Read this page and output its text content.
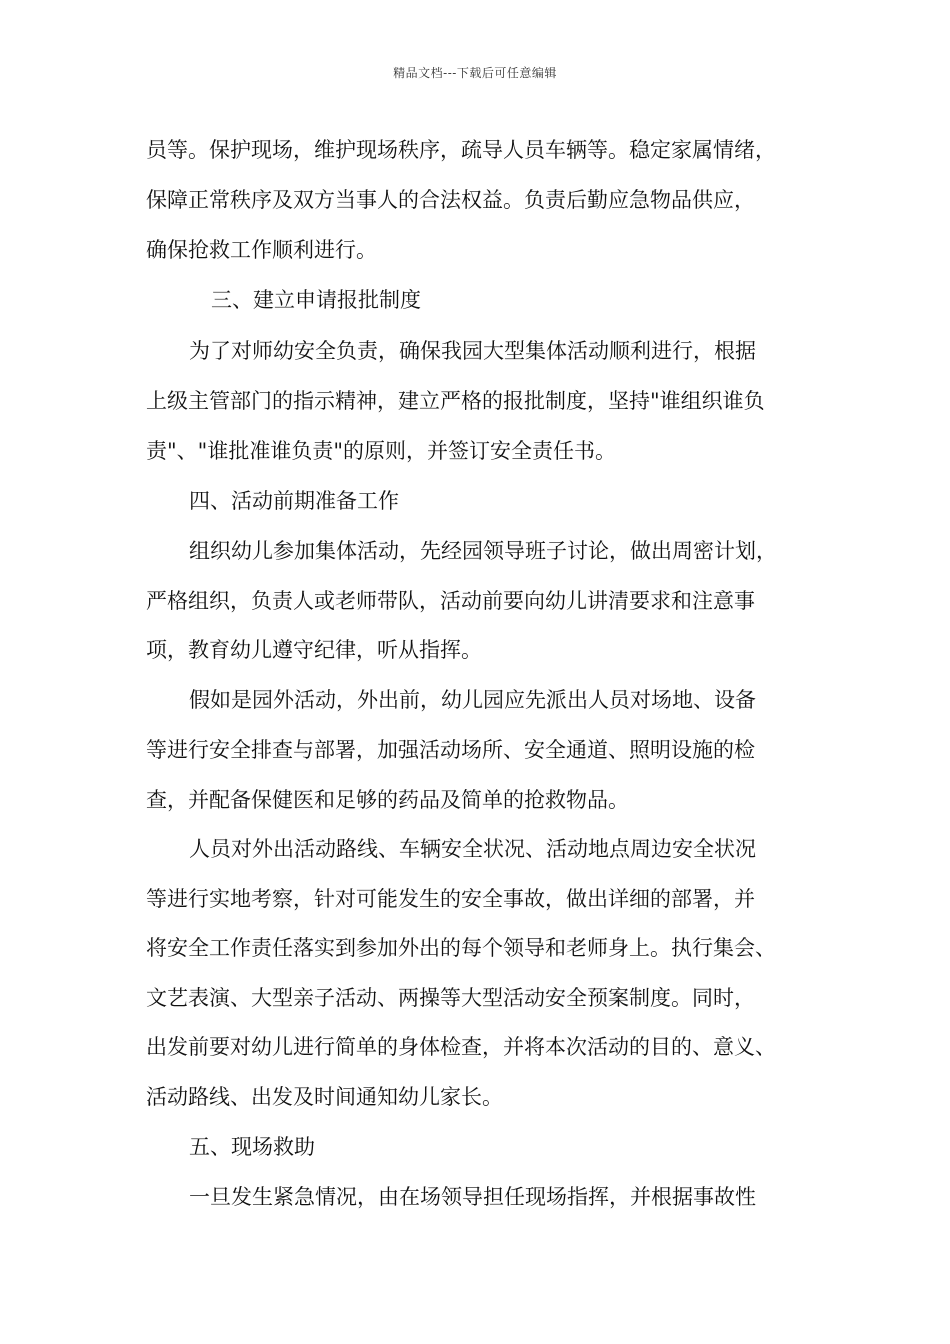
精品文档---下载后可任意编辑
员等。保护现场，维护现场秩序，疏导人员车辆等。稳定家属情绪，
保障正常秩序及双方当事人的合法权益。负责后勤应急物品供应，
确保抢救工作顺利进行。
三、建立申请报批制度
为了对师幼安全负责，确保我园大型集体活动顺利进行，根据
上级主管部门的指示精神，建立严格的报批制度，坚持"谁组织谁负
责"、"谁批准谁负责"的原则，并签订安全责任书。
四、活动前期准备工作
组织幼儿参加集体活动，先经园领导班子讨论，做出周密计划，
严格组织，负责人或老师带队，活动前要向幼儿讲清要求和注意事
项，教育幼儿遵守纪律，听从指挥。
假如是园外活动，外出前，幼儿园应先派出人员对场地、设备
等进行安全排查与部署，加强活动场所、安全通道、照明设施的检
查，并配备保健医和足够的药品及简单的抢救物品。
人员对外出活动路线、车辆安全状况、活动地点周边安全状况
等进行实地考察，针对可能发生的安全事故，做出详细的部署，并
将安全工作责任落实到参加外出的每个领导和老师身上。执行集会、
文艺表演、大型亲子活动、两操等大型活动安全预案制度。同时，
出发前要对幼儿进行简单的身体检查，并将本次活动的目的、意义、
活动路线、出发及时间通知幼儿家长。
五、现场救助
一旦发生紧急情况，由在场领导担任现场指挥，并根据事故性
